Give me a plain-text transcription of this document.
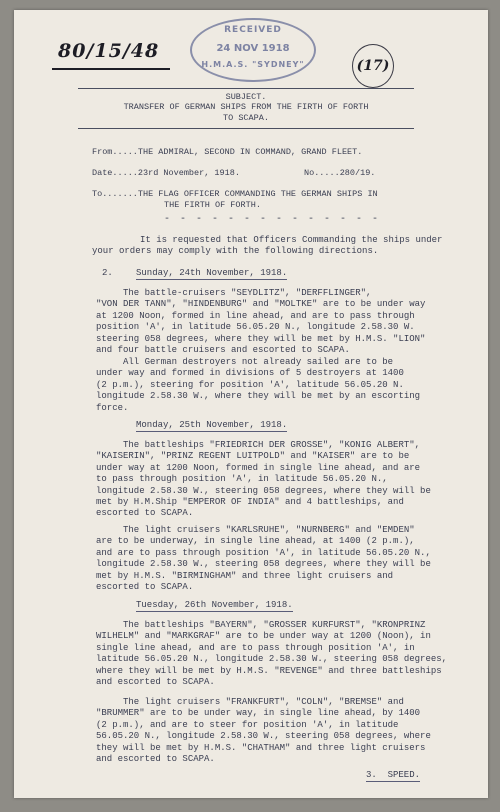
80/15/48
RECEIVED
24 NOV 1918
H.M.A.S. "SYDNEY"	(17)
SUBJECT.
TRANSFER OF GERMAN SHIPS FROM THE FIRTH OF FORTH
TO SCAPA.
From.....THE ADMIRAL, SECOND IN COMMAND, GRAND FLEET.
Date.....23rd November, 1918.	No.....280/19.
To.......THE FLAG OFFICER COMMANDING THE GERMAN SHIPS IN
THE FIRTH OF FORTH.
- - - - - - - - - - - - - -
It is requested that Officers Commanding the ships under
your orders may comply with the following directions.
2.	Sunday, 24th November, 1918.
The battle-cruisers "SEYDLITZ", "DERFFLINGER",
"VON DER TANN", "HINDENBURG" and "MOLTKE" are to be under way
at 1200 Noon, formed in line ahead, and are to pass through
position 'A', in latitude 56.05.20 N., longitude 2.58.30 W.
steering 058 degrees, where they will be met by H.M.S. "LION"
and four battle cruisers and escorted to SCAPA.
All German destroyers not already sailed are to be
under way and formed in divisions of 5 destroyers at 1400
(2 p.m.), steering for position 'A', latitude 56.05.20 N.
longitude 2.58.30 W., where they will be met by an escorting
force.
Monday, 25th November, 1918.
The battleships "FRIEDRICH DER GROSSE", "KONIG ALBERT",
"KAISERIN", "PRINZ REGENT LUITPOLD" and "KAISER" are to be
under way at 1200 Noon, formed in single line ahead, and are
to pass through position 'A', in latitude 56.05.20 N.,
longitude 2.58.30 W., steering 058 degrees, where they will be
met by H.M.Ship "EMPEROR OF INDIA" and 4 battleships, and
escorted to SCAPA.
The light cruisers "KARLSRUHE", "NURNBERG" and "EMDEN"
are to be underway, in single line ahead, at 1400 (2 p.m.),
and are to pass through position 'A', in latitude 56.05.20 N.,
longitude 2.58.30 W., steering 058 degrees, where they will be
met by H.M.S. "BIRMINGHAM" and three light cruisers and
escorted to SCAPA.
Tuesday, 26th November, 1918.
The battleships "BAYERN", "GROSSER KURFURST", "KRONPRINZ
WILHELM" and "MARKGRAF" are to be under way at 1200 (Noon), in
single line ahead, and are to pass through position 'A', in
latitude 56.05.20 N., longitude 2.58.30 W., steering 058 degrees,
where they will be met by H.M.S. "REVENGE" and three battleships
and escorted to SCAPA.
The light cruisers "FRANKFURT", "COLN", "BREMSE" and
"BRUMMER" are to be under way, in single line ahead, by 1400
(2 p.m.), and are to steer for position 'A', in latitude
56.05.20 N., longitude 2.58.30 W., steering 058 degrees, where
they will be met by H.M.S. "CHATHAM" and three light cruisers
and escorted to SCAPA.
3.  SPEED.
